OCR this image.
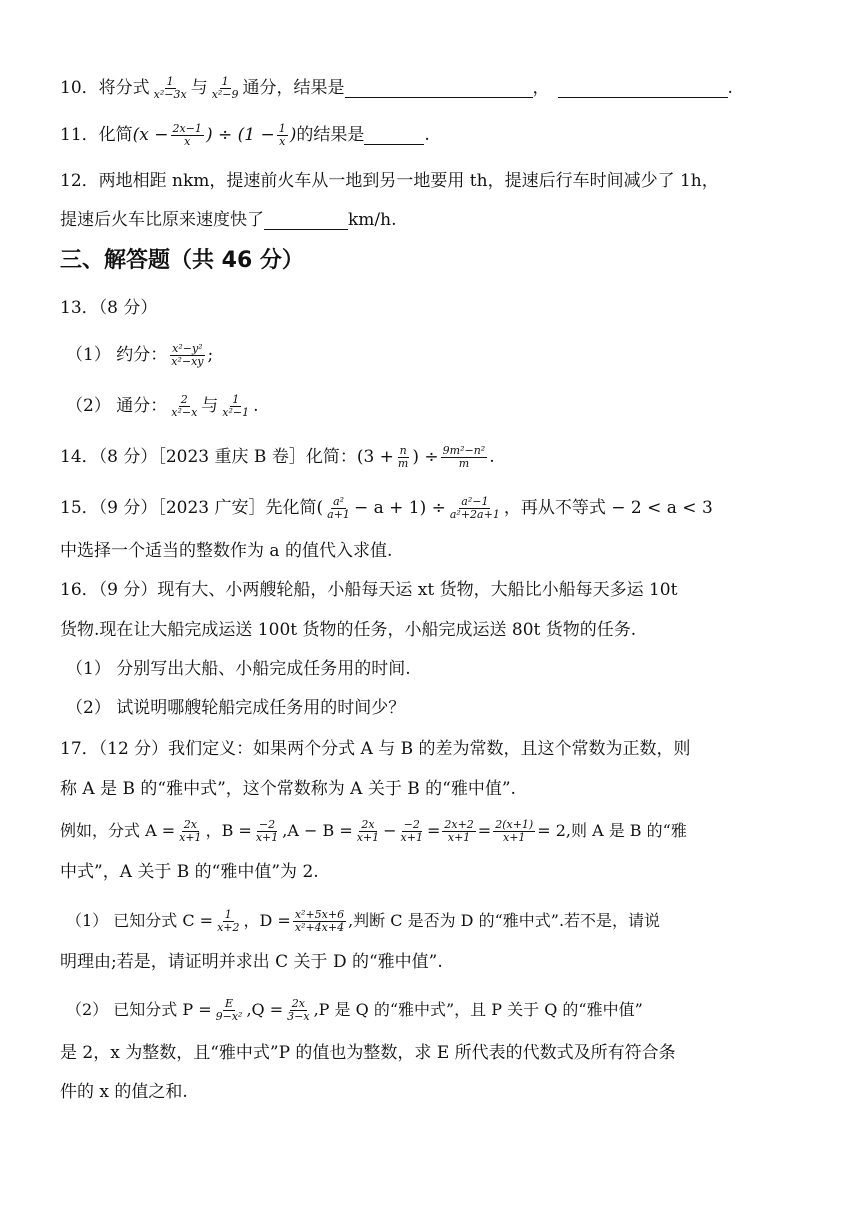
10．将分式 $\frac{1}{\text{x²−3x}}$ 与 $\frac{1}{\text{x²−9}}$ 通分，结果是	，	.
11．化简 ($x - \frac{2x-1}{x}$ ) ÷ ($1 - \frac{1}{x}$ ) 的结果是	.
12．两地相距 nkm，提速前火车从一地到另一地要用 th，提速后行车时间减少了 1h，
提速后火车比原来速度快了	km/h.
三、解答题（共 46 分）
13．（8 分）
（1） 约分： $\frac{\text{x²−y²}}{\text{x²−xy}}$ ;
（2） 通分： $\frac{2}{\text{x²−x}}$ 与 $\frac{1}{\text{x²−1}}$ .
14．（8 分）［2023 重庆 B 卷］化简：($3 + \frac{n}{m}$ ) ÷ $\frac{\text{9m²−n²}}{m}$ .
15．（9 分）［2023 广安］先化简( $\frac{\text{a²}}{a+1} - a + 1) \div \frac{\text{a²−1}}{\text{a²+2a+1}}$ ，再从不等式 − 2 < a < 3
中选择一个适当的整数作为 a 的值代入求值.
16．（9 分）现有大、小两艘轮船，小船每天运 xt 货物，大船比小船每天多运 10t
货物.现在让大船完成运送 100t 货物的任务，小船完成运送 80t 货物的任务.
（1） 分别写出大船、小船完成任务用的时间.
（2） 试说明哪艘轮船完成任务用的时间少？
17．（12 分）我们定义：如果两个分式 A 与 B 的差为常数，且这个常数为正数，则
称 A 是 B 的“雅中式”，这个常数称为 A 关于 B 的“雅中值”.
例如，分式 $A = \frac{2x}{x+1}$ ，$B = \frac{-2}{x+1} ,A - B = \frac{2x}{x+1} - \frac{-2}{x+1} = \frac{2x+2}{x+1} = \frac{2(x+1)}{x+1} = 2$,则 A 是 B 的“雅
中式”，A 关于 B 的“雅中值”为 2.
（1） 已知分式 $C = \frac{1}{x+2}$ ，$D = \frac{\text{x²+5x+6}}{\text{x²+4x+4}}$ ,判断 C 是否为 D 的“雅中式”.若不是，请说
明理由;若是，请证明并求出 C 关于 D 的“雅中值”.
（2） 已知分式 $P = \frac{E}{\text{9−x²}} ,Q = \frac{2x}{3-x} ,P$ 是 Q 的“雅中式”，且 P 关于 Q 的“雅中值”
是 2，x 为整数，且“雅中式”P 的值也为整数，求 E 所代表的代数式及所有符合条
件的 x 的值之和.
